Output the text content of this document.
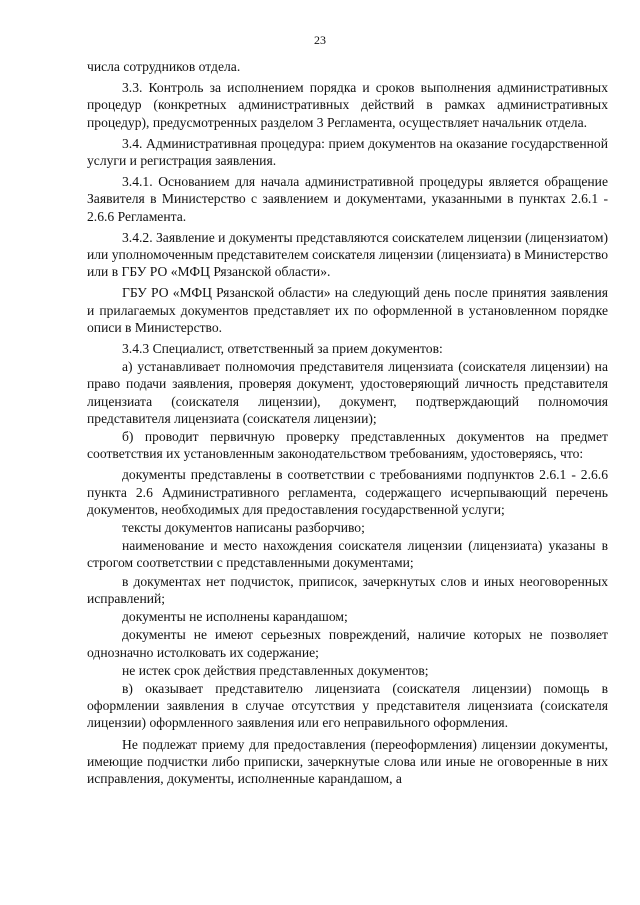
23

числа сотрудников отдела.

3.3. Контроль за исполнением порядка и сроков выполнения административных процедур (конкретных административных действий в рамках административных процедур), предусмотренных разделом 3 Регламента, осуществляет начальник отдела.

3.4. Административная процедура: прием документов на оказание государственной услуги и регистрация заявления.

3.4.1. Основанием для начала административной процедуры является обращение Заявителя в Министерство с заявлением и документами, указанными в пунктах 2.6.1 - 2.6.6 Регламента.

3.4.2. Заявление и документы представляются соискателем лицензии (лицензиатом) или уполномоченным представителем соискателя лицензии (лицензиата) в Министерство или в ГБУ РО «МФЦ Рязанской области».

ГБУ РО «МФЦ Рязанской области» на следующий день после принятия заявления и прилагаемых документов представляет их по оформленной в установленном порядке описи в Министерство.

3.4.3 Специалист, ответственный за прием документов:

а) устанавливает полномочия представителя лицензиата (соискателя лицензии) на право подачи заявления, проверяя документ, удостоверяющий личность представителя лицензиата (соискателя лицензии), документ, подтверждающий полномочия представителя лицензиата (соискателя лицензии);

б) проводит первичную проверку представленных документов на предмет соответствия их установленным законодательством требованиям, удостоверяясь, что:

документы представлены в соответствии с требованиями подпунктов 2.6.1 - 2.6.6 пункта 2.6 Административного регламента, содержащего исчерпывающий перечень документов, необходимых для предоставления государственной услуги;

тексты документов написаны разборчиво;

наименование и место нахождения соискателя лицензии (лицензиата) указаны в строгом соответствии с представленными документами;

в документах нет подчисток, приписок, зачеркнутых слов и иных неоговоренных исправлений;

документы не исполнены карандашом;

документы не имеют серьезных повреждений, наличие которых не позволяет однозначно истолковать их содержание;

не истек срок действия представленных документов;

в) оказывает представителю лицензиата (соискателя лицензии) помощь в оформлении заявления в случае отсутствия у представителя лицензиата (соискателя лицензии) оформленного заявления или его неправильного оформления.

Не подлежат приему для предоставления (переоформления) лицензии документы, имеющие подчистки либо приписки, зачеркнутые слова или иные не оговоренные в них исправления, документы, исполненные карандашом, а
